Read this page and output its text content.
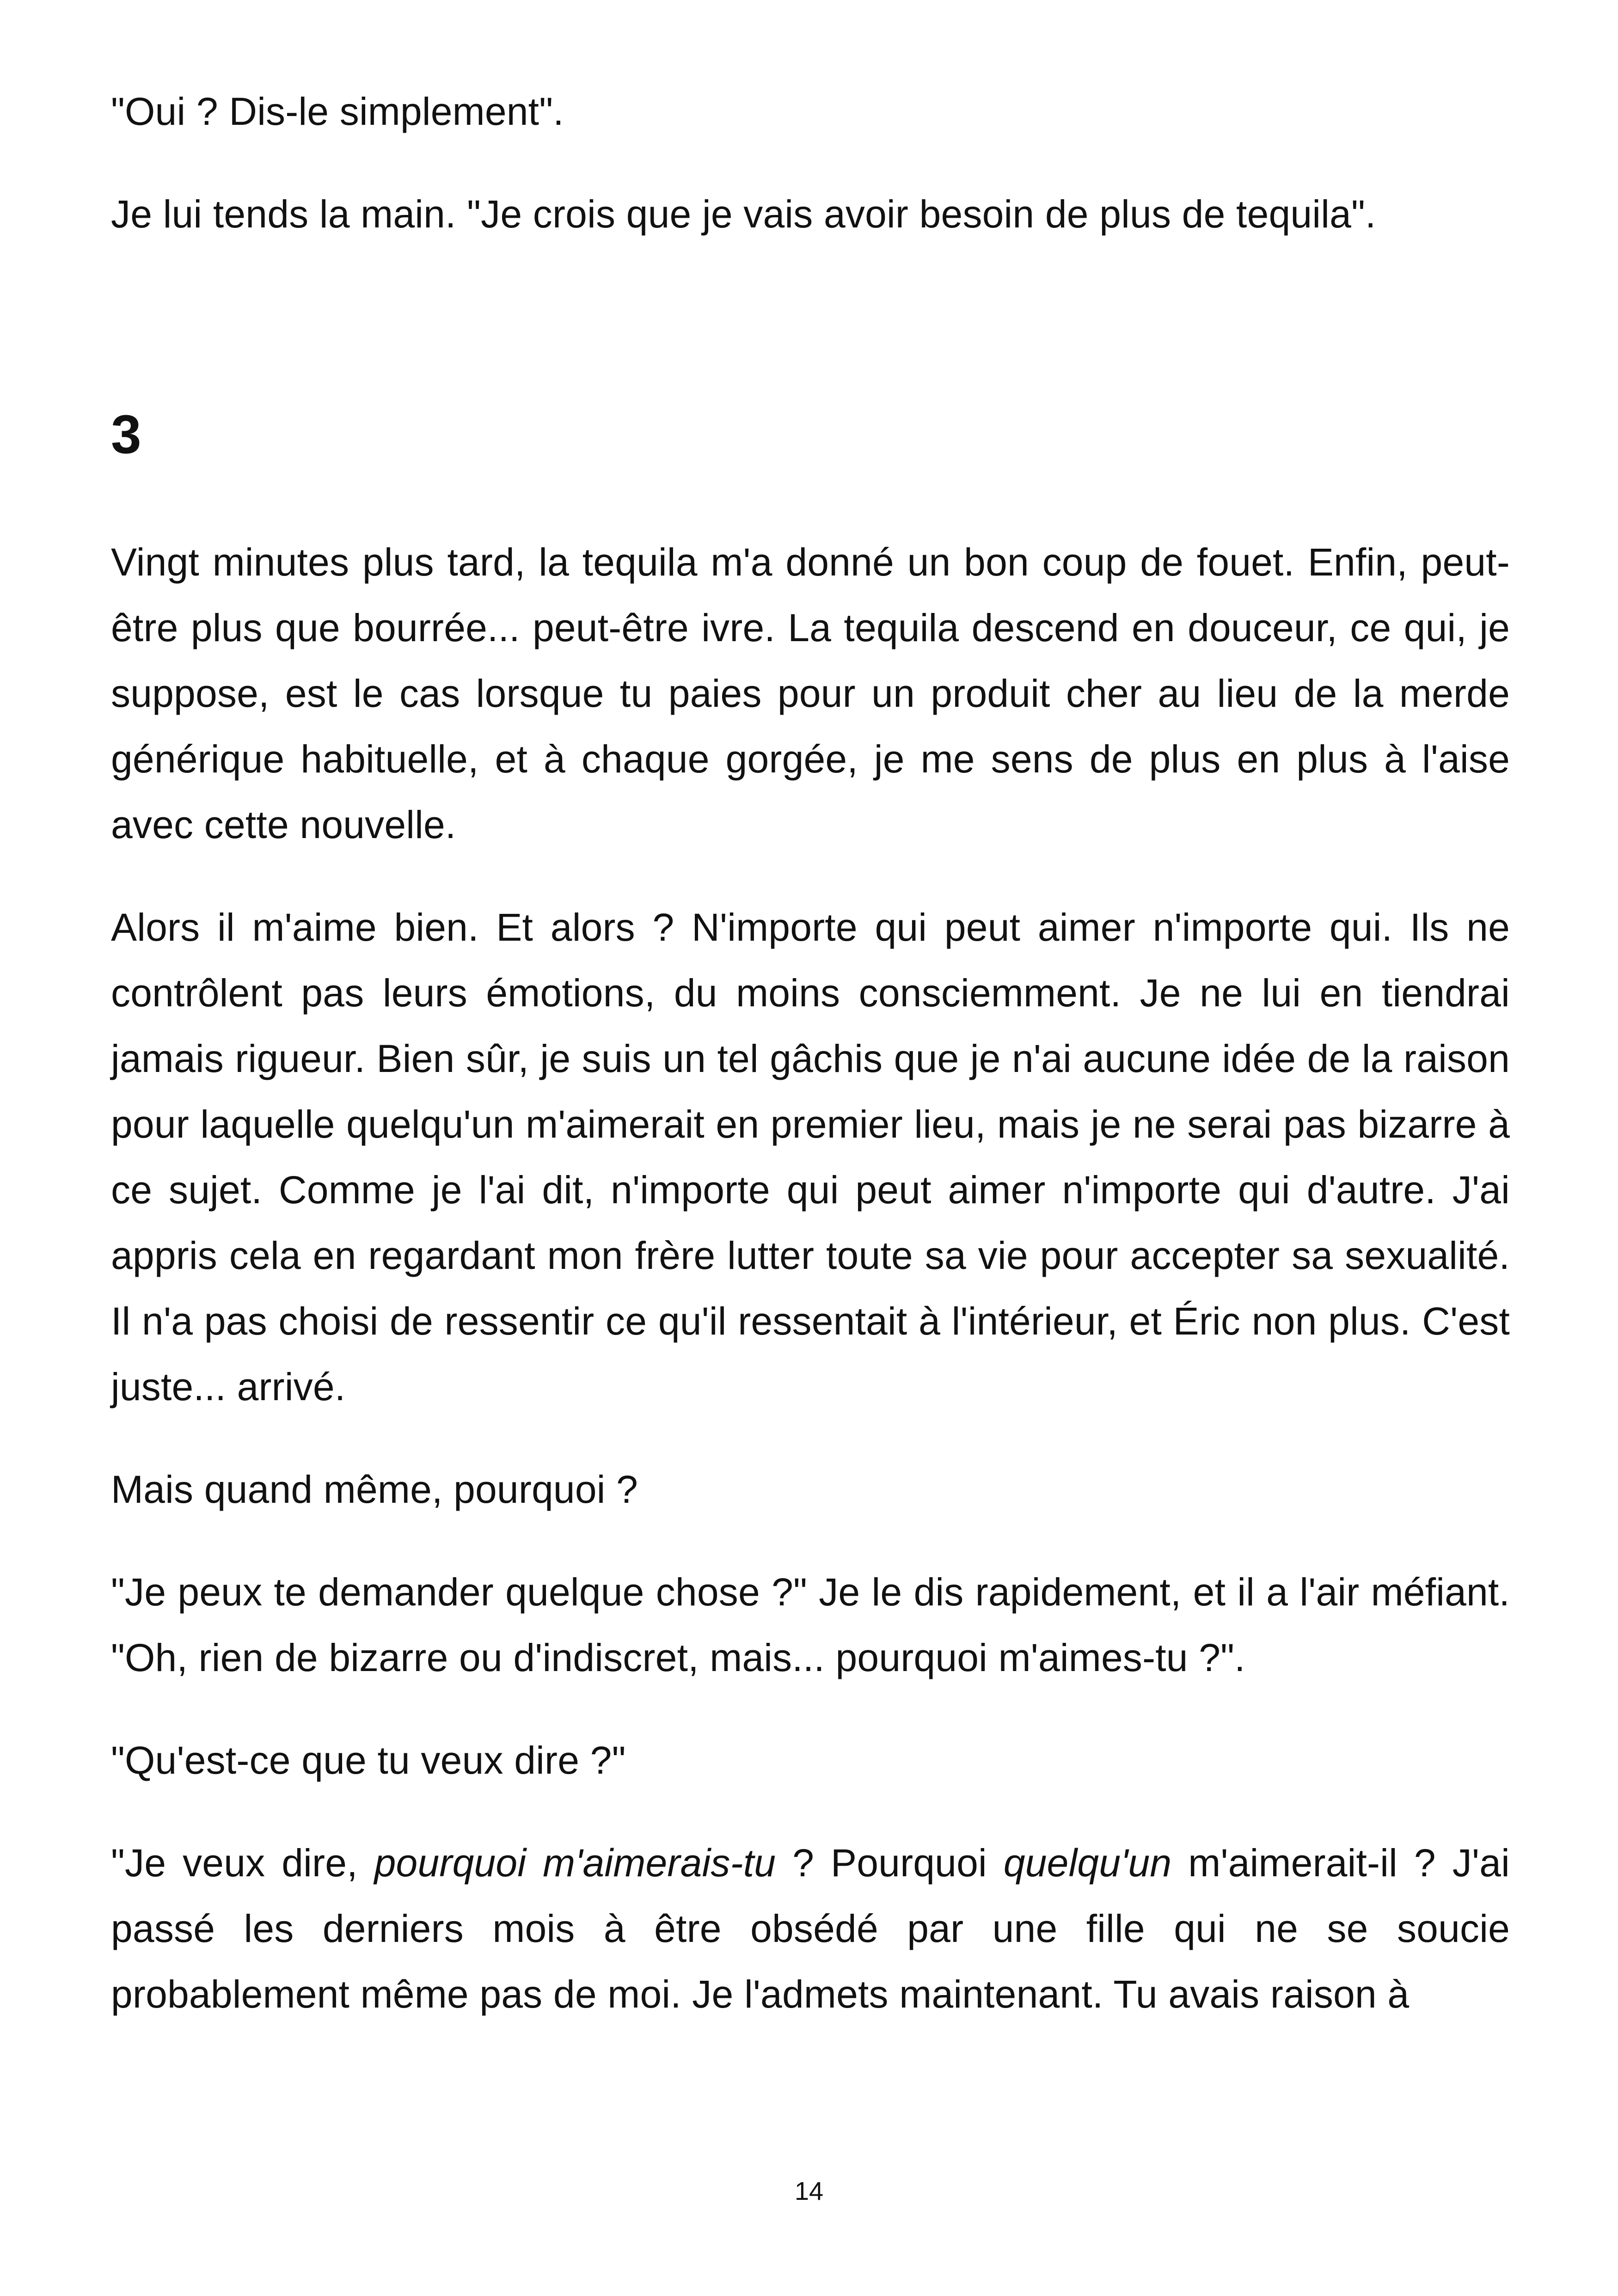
"Oui ? Dis-le simplement".

Je lui tends la main. "Je crois que je vais avoir besoin de plus de tequila".

3

Vingt minutes plus tard, la tequila m'a donné un bon coup de fouet. Enfin, peut-être plus que bourrée... peut-être ivre. La tequila descend en douceur, ce qui, je suppose, est le cas lorsque tu paies pour un produit cher au lieu de la merde générique habituelle, et à chaque gorgée, je me sens de plus en plus à l'aise avec cette nouvelle.

Alors il m'aime bien. Et alors ? N'importe qui peut aimer n'importe qui. Ils ne contrôlent pas leurs émotions, du moins consciemment. Je ne lui en tiendrai jamais rigueur. Bien sûr, je suis un tel gâchis que je n'ai aucune idée de la raison pour laquelle quelqu'un m'aimerait en premier lieu, mais je ne serai pas bizarre à ce sujet. Comme je l'ai dit, n'importe qui peut aimer n'importe qui d'autre. J'ai appris cela en regardant mon frère lutter toute sa vie pour accepter sa sexualité. Il n'a pas choisi de ressentir ce qu'il ressentait à l'intérieur, et Éric non plus. C'est juste... arrivé.

Mais quand même, pourquoi ?

"Je peux te demander quelque chose ?" Je le dis rapidement, et il a l'air méfiant. "Oh, rien de bizarre ou d'indiscret, mais... pourquoi m'aimes-tu ?".

"Qu'est-ce que tu veux dire ?"

"Je veux dire, pourquoi m'aimerais-tu ? Pourquoi quelqu'un m'aimerait-il ? J'ai passé les derniers mois à être obsédé par une fille qui ne se soucie probablement même pas de moi. Je l'admets maintenant. Tu avais raison à

14
